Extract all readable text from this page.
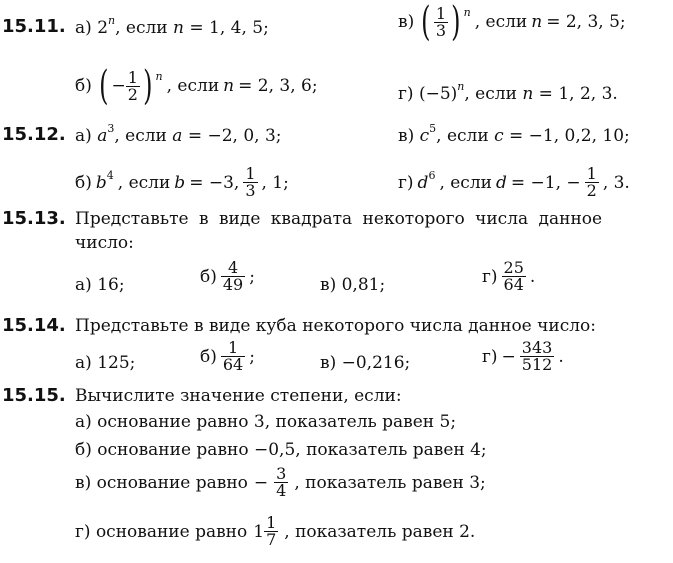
15.11. а) 2$^n$, если n = 1, 4, 5;	в) ( $\frac{1}{3}$ ) n , если n = 2, 3, 5;
б) ( − $\frac{1}{2}$ ) n , если n = 2, 3, 6;	г) $(-5)^n$, если n = 1, 2, 3.
15.12. а) $a^3$, если a = −2, 0, 3;	в) $c^5$, если c = −1, 0,2, 10;
б) $b^4$ , если b = −3, $\frac{1}{3}$ , 1;	г) $d^6$ , если d = −1, − $\frac{1}{2}$ , 3.
15.13. Представьте в виде квадрата некоторого числа данное
число:
а) 16;	$б) \frac{4}{49}$ ;	в) 0,81;	$г) \frac{25}{64}$ .
15.14. Представьте в виде куба некоторого числа данное число:
а) 125;	$б) \frac{1}{64}$ ;	в) −0,216;	$г) - \frac{343}{512}$ .
15.15. Вычислите значение степени, если:
а) основание равно 3, показатель равен 5;
б) основание равно −0,5, показатель равен 4;
в) основание равно − $\frac{3}{4}$ , показатель равен 3;
г) основание равно $1 \frac{1}{7}$ , показатель равен 2.
